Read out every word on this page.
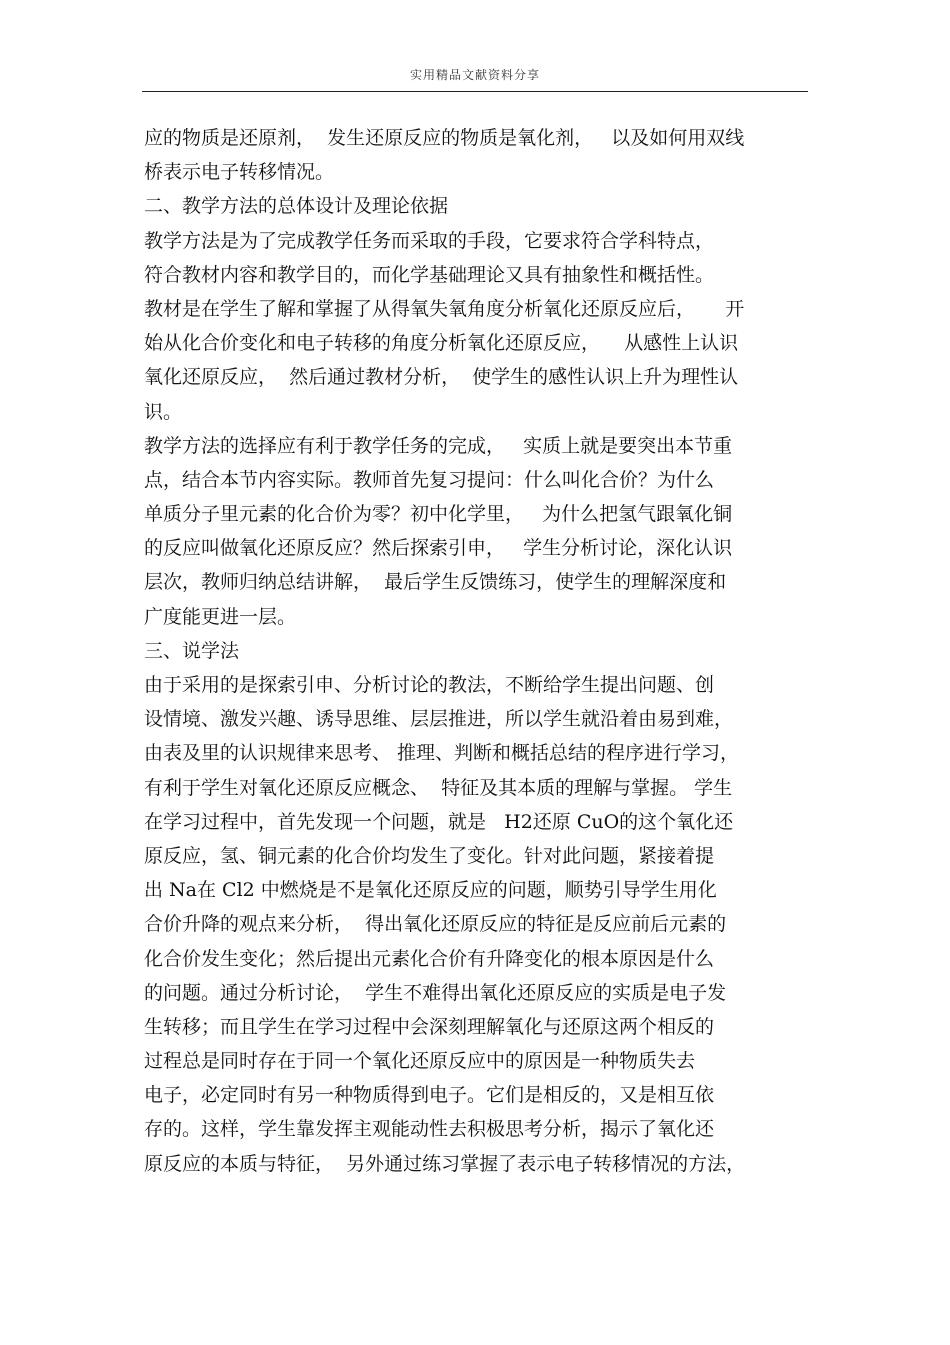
实用精品文献资料分享
应的物质是还原剂，  发生还原反应的物质是氧化剂，   以及如何用双线
桥表示电子转移情况。
二、教学方法的总体设计及理论依据
教学方法是为了完成教学任务而采取的手段，它要求符合学科特点，
符合教材内容和教学目的，而化学基础理论又具有抽象性和概括性。
教材是在学生了解和掌握了从得氧失氧角度分析氧化还原反应后，     开
始从化合价变化和电子转移的角度分析氧化还原反应，    从感性上认识
氧化还原反应，  然后通过教材分析，  使学生的感性认识上升为理性认
识。
教学方法的选择应有利于教学任务的完成，   实质上就是要突出本节重
点，结合本节内容实际。教师首先复习提问：什么叫化合价？为什么
单质分子里元素的化合价为零？初中化学里，   为什么把氢气跟氧化铜
的反应叫做氧化还原反应？然后探索引申，   学生分析讨论，深化认识
层次，教师归纳总结讲解，  最后学生反馈练习，使学生的理解深度和
广度能更进一层。
三、说学法
由于采用的是探索引申、分析讨论的教法，不断给学生提出问题、创
设情境、激发兴趣、诱导思维、层层推进，所以学生就沿着由易到难，
由表及里的认识规律来思考、 推理、判断和概括总结的程序进行学习，
有利于学生对氧化还原反应概念、  特征及其本质的理解与掌握。 学生
在学习过程中，首先发现一个问题，就是   H2还原 CuO的这个氧化还
原反应，氢、铜元素的化合价均发生了变化。针对此问题，紧接着提
出 Na在 Cl2 中燃烧是不是氧化还原反应的问题，顺势引导学生用化
合价升降的观点来分析，  得出氧化还原反应的特征是反应前后元素的
化合价发生变化；然后提出元素化合价有升降变化的根本原因是什么
的问题。通过分析讨论，  学生不难得出氧化还原反应的实质是电子发
生转移；而且学生在学习过程中会深刻理解氧化与还原这两个相反的
过程总是同时存在于同一个氧化还原反应中的原因是一种物质失去
电子，必定同时有另一种物质得到电子。它们是相反的，又是相互依
存的。这样，学生靠发挥主观能动性去积极思考分析，揭示了氧化还
原反应的本质与特征，  另外通过练习掌握了表示电子转移情况的方法，
